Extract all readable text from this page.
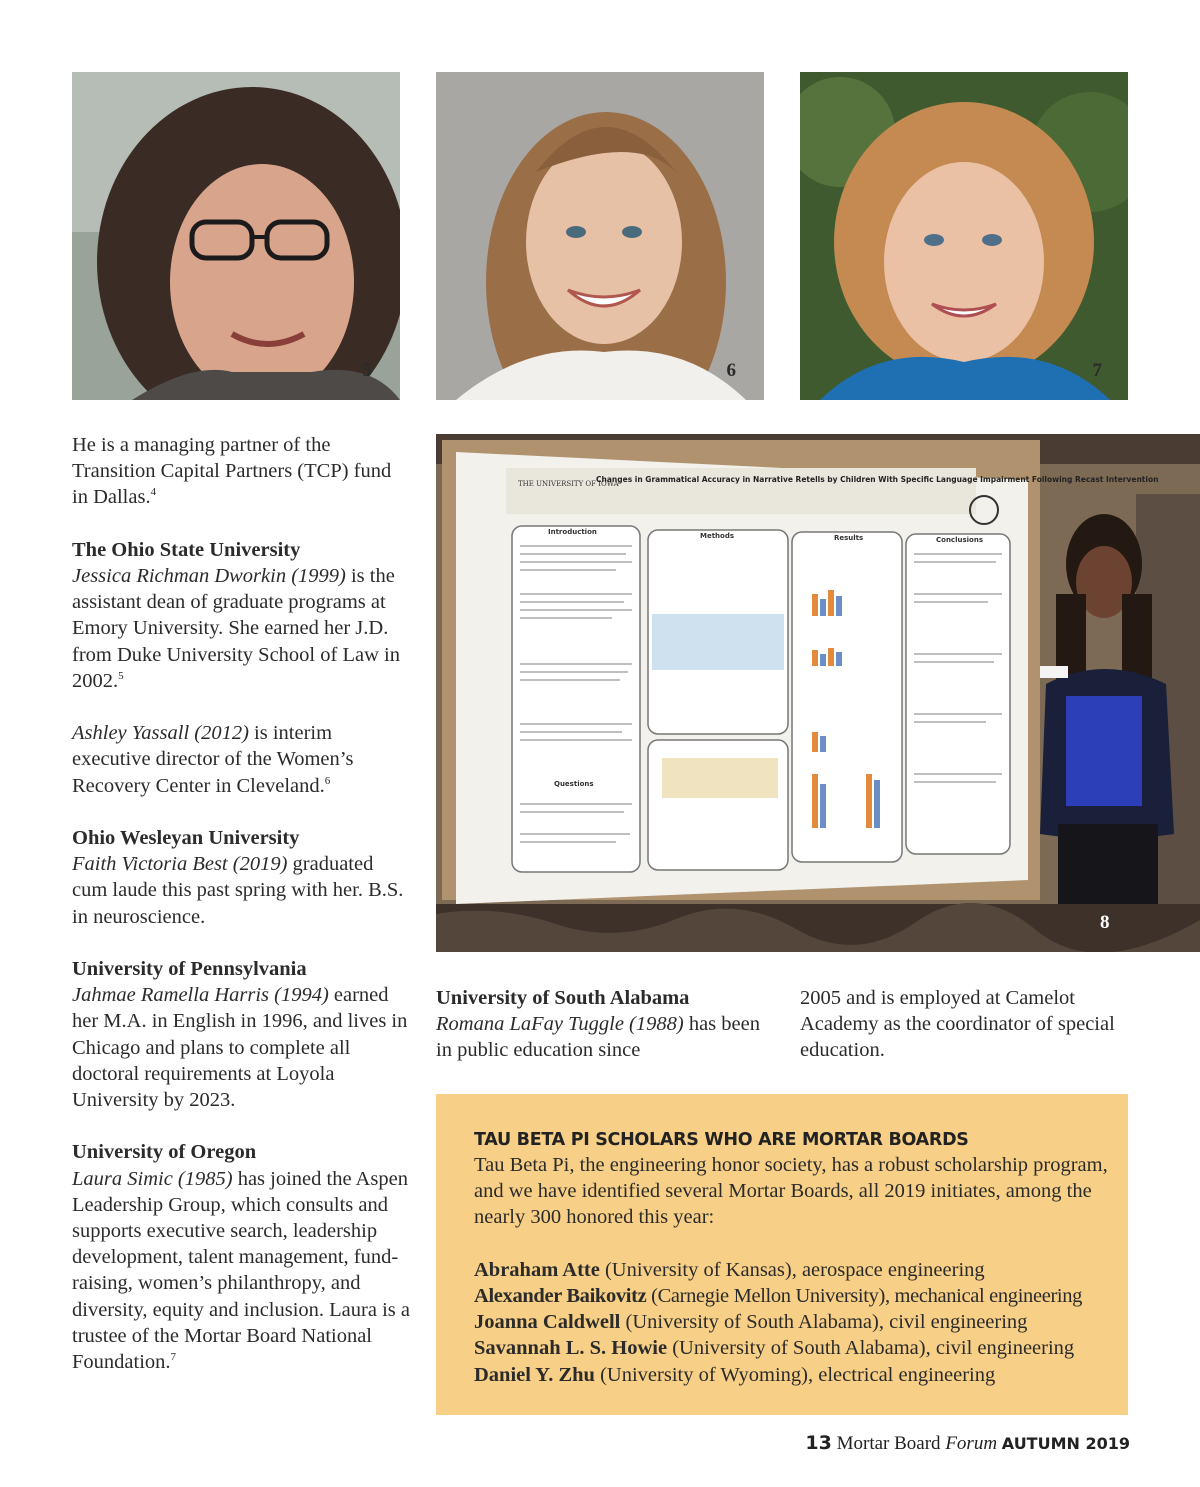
5	6	7
THE UNIVERSITY OF IOWA
Changes in Grammatical Accuracy in Narrative Retells by Children With Specific Language Impairment Following Recast Intervention
Introduction	Methods	Results	Conclusions
Questions
8

He is a managing partner of the Transition Capital Partners (TCP) fund in Dallas.$^4$

The Ohio State University

Jessica Richman Dworkin (1999) is the assistant dean of graduate programs at Emory University. She earned her J.D. from Duke University School of Law in 2002.$^5$

Ashley Yassall (2012) is interim executive director of the Women’s Recovery Center in Cleveland.$^6$

Ohio Wesleyan University

Faith Victoria Best (2019) graduated cum laude this past spring with her. B.S. in neuroscience.

University of Pennsylvania

Jahmae Ramella Harris (1994) earned her M.A. in English in 1996, and lives in Chicago and plans to complete all doctoral requirements at Loyola University by 2023.

University of Oregon

Laura Simic (1985) has joined the Aspen Leadership Group, which consults and supports executive search, leadership development, talent management, fund-raising, women’s philanthropy, and diversity, equity and inclusion. Laura is a trustee of the Mortar Board National Foundation.$^7$

University of South Alabama

Romana LaFay Tuggle (1988) has been in public education since

2005 and is employed at Camelot Academy as the coordinator of special education.

TAU BETA PI SCHOLARS WHO ARE MORTAR BOARDS

Tau Beta Pi, the engineering honor society, has a robust scholarship program, and we have identified several Mortar Boards, all 2019 initiates, among the nearly 300 honored this year:

Abraham Atte (University of Kansas), aerospace engineering
Alexander Baikovitz (Carnegie Mellon University), mechanical engineering
Joanna Caldwell (University of South Alabama), civil engineering
Savannah L. S. Howie (University of South Alabama), civil engineering
Daniel Y. Zhu (University of Wyoming), electrical engineering
13 Mortar Board Forum AUTUMN 2019
